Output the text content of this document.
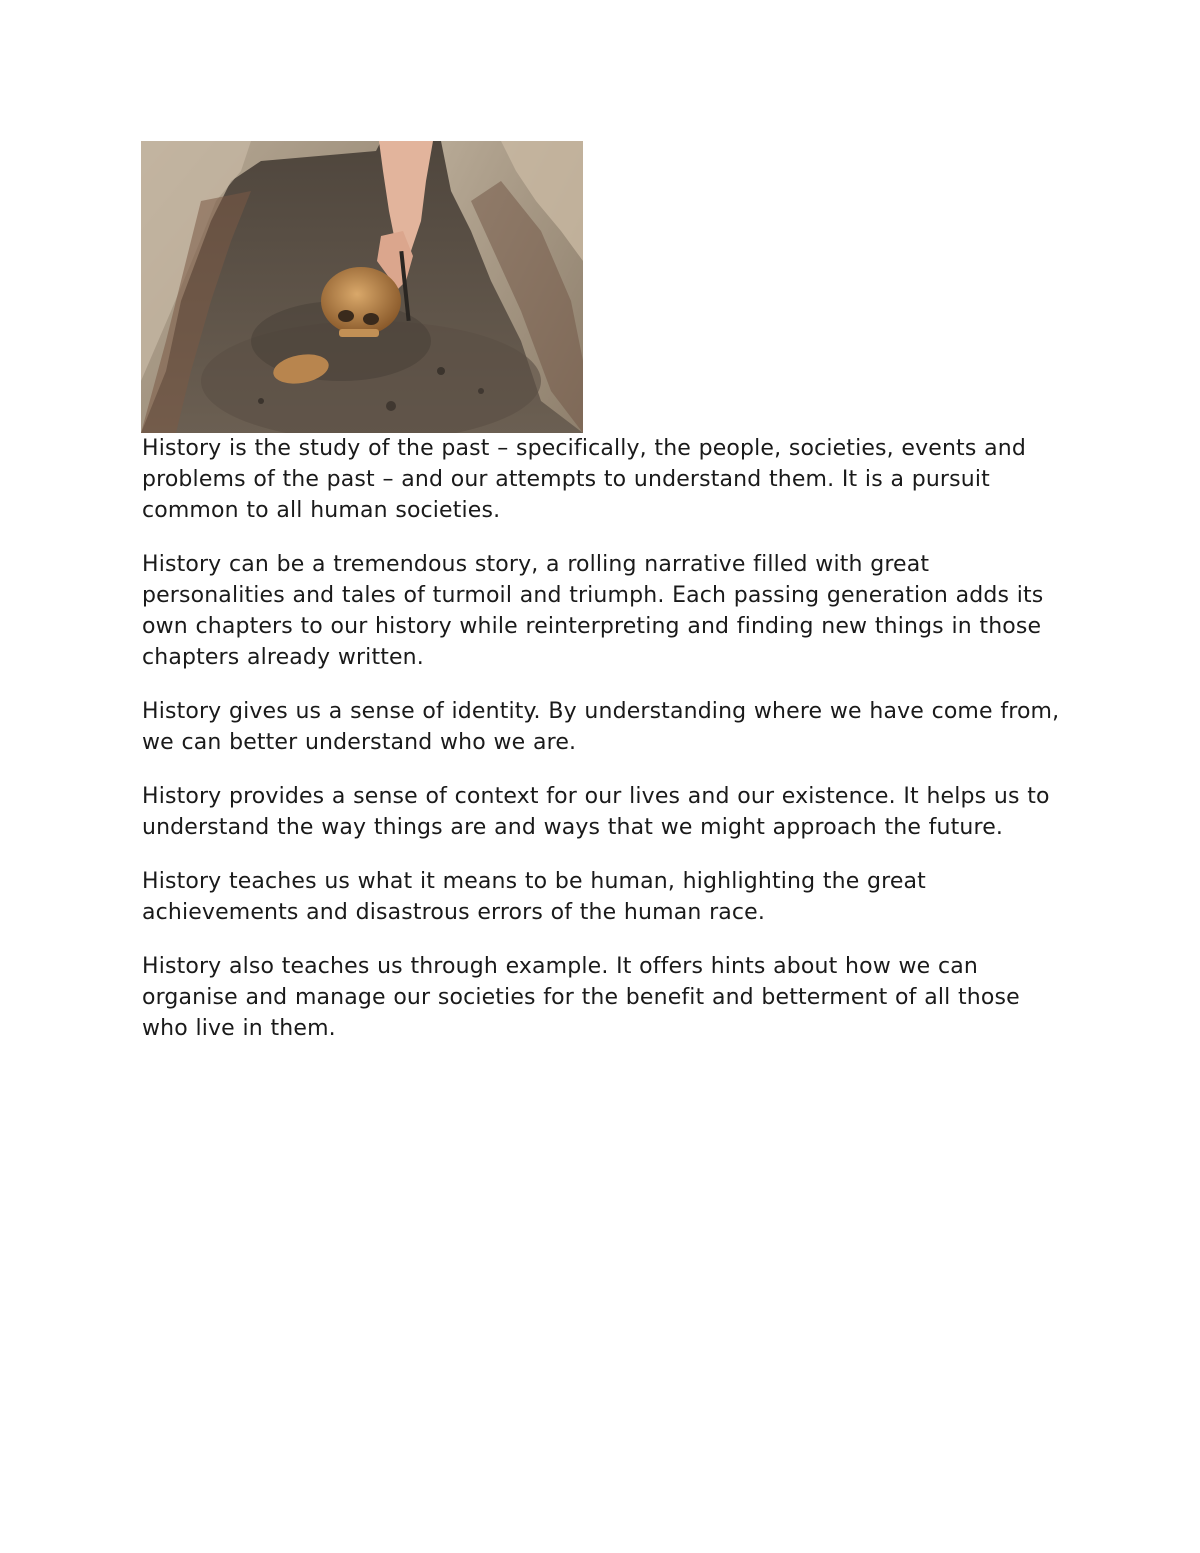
History is the study of the past – specifically, the people, societies, events and problems of the past – and our attempts to understand them. It is a pursuit common to all human societies.

History can be a tremendous story, a rolling narrative filled with great personalities and tales of turmoil and triumph. Each passing generation adds its own chapters to our history while reinterpreting and finding new things in those chapters already written.

History gives us a sense of identity. By understanding where we have come from, we can better understand who we are.

History provides a sense of context for our lives and our existence. It helps us to understand the way things are and ways that we might approach the future.

History teaches us what it means to be human, highlighting the great achievements and disastrous errors of the human race.

History also teaches us through example. It offers hints about how we can organise and manage our societies for the benefit and betterment of all those who live in them.
